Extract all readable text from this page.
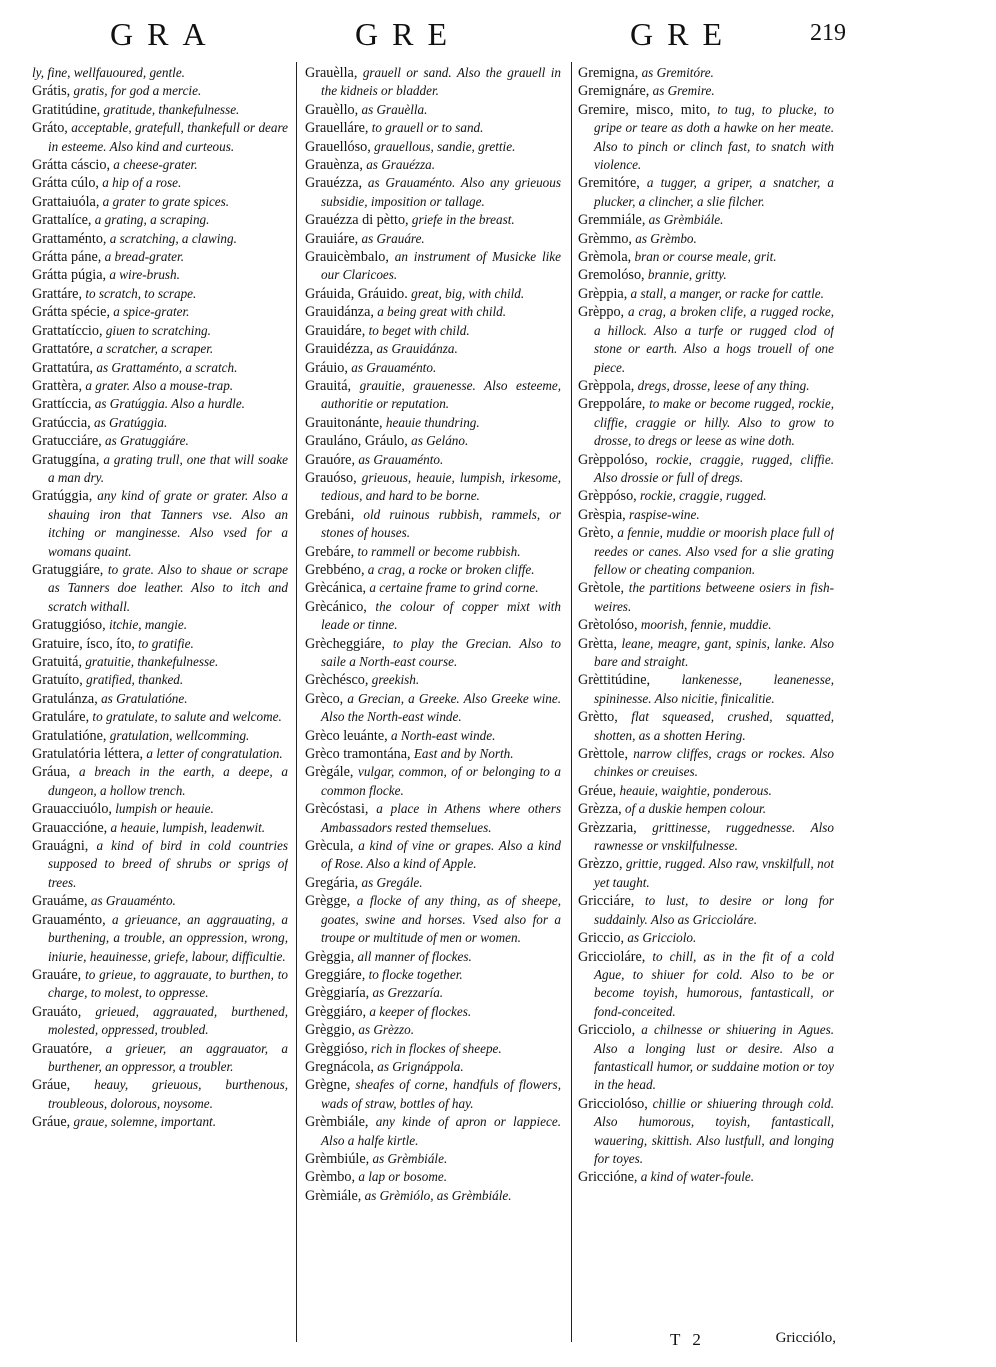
GRA	GRE	GRE	219

ly, fine, wellfauoured, gentle.

Grátis, gratis, for god a mercie.

Gratitúdine, gratitude, thankefulnesse.

Gráto, acceptable, gratefull, thankefull or deare in esteeme. Also kind and curteous.

Grátta cáscio, a cheese-grater.

Grátta cúlo, a hip of a rose.

Grattaiuóla, a grater to grate spices.

Grattalíce, a grating, a scraping.

Grattaménto, a scratching, a clawing.

Grátta páne, a bread-grater.

Grátta púgia, a wire-brush.

Grattáre, to scratch, to scrape.

Grátta spécie, a spice-grater.

Grattatíccio, giuen to scratching.

Grattatóre, a scratcher, a scraper.

Grattatúra, as Grattaménto, a scratch.

Grattèra, a grater. Also a mouse-trap.

Grattíccia, as Gratúggia. Also a hurdle.

Gratúccia, as Gratúggia.

Gratucciáre, as Gratuggiáre.

Gratuggína, a grating trull, one that will soake a man dry.

Gratúggia, any kind of grate or grater. Also a shauing iron that Tanners vse. Also an itching or manginesse. Also vsed for a womans quaint.

Gratuggiáre, to grate. Also to shaue or scrape as Tanners doe leather. Also to itch and scratch withall.

Gratuggióso, itchie, mangie.

Gratuire, ísco, íto, to gratifie.

Gratuitá, gratuitie, thankefulnesse.

Gratuíto, gratified, thanked.

Gratulánza, as Gratulatióne.

Gratuláre, to gratulate, to salute and welcome.

Gratulatióne, gratulation, wellcomming.

Gratulatória léttera, a letter of congratulation.

Gráua, a breach in the earth, a deepe, a dungeon, a hollow trench.

Grauacciuólo, lumpish or heauie.

Grauaccióne, a heauie, lumpish, leadenwit.

Grauágni, a kind of bird in cold countries supposed to breed of shrubs or sprigs of trees.

Grauáme, as Grauaménto.

Grauaménto, a grieuance, an aggrauating, a burthening, a trouble, an oppression, wrong, iniurie, heauinesse, griefe, labour, difficultie.

Grauáre, to grieue, to aggrauate, to burthen, to charge, to molest, to oppresse.

Grauáto, grieued, aggrauated, burthened, molested, oppressed, troubled.

Grauatóre, a grieuer, an aggrauator, a burthener, an oppressor, a troubler.

Gráue, heauy, grieuous, burthenous, troubleous, dolorous, noysome.

Gráue, graue, solemne, important.

Grauèlla, grauell or sand. Also the grauell in the kidneis or bladder.

Grauèllo, as Grauèlla.

Grauelláre, to grauell or to sand.

Grauellóso, grauellous, sandie, grettie.

Grauènza, as Grauézza.

Grauézza, as Grauaménto. Also any grieuous subsidie, imposition or tallage.

Grauézza di pètto, griefe in the breast.

Grauiáre, as Grauáre.

Grauicèmbalo, an instrument of Musicke like our Claricoes.

Gráuida, Gráuido. great, big, with child.

Grauidánza, a being great with child.

Grauidáre, to beget with child.

Grauidézza, as Grauidánza.

Gráuio, as Grauaménto.

Grauitá, grauitie, grauenesse. Also esteeme, authoritie or reputation.

Grauitonánte, heauie thundring.

Grauláno, Gráulo, as Geláno.

Grauóre, as Grauaménto.

Grauóso, grieuous, heauie, lumpish, irkesome, tedious, and hard to be borne.

Grebáni, old ruinous rubbish, rammels, or stones of houses.

Grebáre, to rammell or become rubbish.

Grebbéno, a crag, a rocke or broken cliffe.

Grècánica, a certaine frame to grind corne.

Grècánico, the colour of copper mixt with leade or tinne.

Grècheggiáre, to play the Grecian. Also to saile a North-east course.

Grèchésco, greekish.

Grèco, a Grecian, a Greeke. Also Greeke wine. Also the North-east winde.

Grèco leuánte, a North-east winde.

Grèco tramontána, East and by North.

Grègále, vulgar, common, of or belonging to a common flocke.

Grècóstasi, a place in Athens where others Ambassadors rested themselues.

Grècula, a kind of vine or grapes. Also a kind of Rose. Also a kind of Apple.

Gregária, as Gregále.

Grègge, a flocke of any thing, as of sheepe, goates, swine and horses. Vsed also for a troupe or multitude of men or women.

Grèggia, all manner of flockes.

Greggiáre, to flocke together.

Grèggiaría, as Grezzaría.

Grèggiáro, a keeper of flockes.

Grèggio, as Grèzzo.

Grèggióso, rich in flockes of sheepe.

Gregnácola, as Grignáppola.

Grègne, sheafes of corne, handfuls of flowers, wads of straw, bottles of hay.

Grèmbiále, any kinde of apron or lappiece. Also a halfe kirtle.

Grèmbiúle, as Grèmbiále.

Grèmbo, a lap or bosome.

Grèmiále, as Grèmiólo, as Grèmbiále.

Gremigna, as Gremitóre.

Gremignáre, as Gremire.

Gremire, misco, mito, to tug, to plucke, to gripe or teare as doth a hawke on her meate. Also to pinch or clinch fast, to snatch with violence.

Gremitóre, a tugger, a griper, a snatcher, a plucker, a clincher, a slie filcher.

Gremmiále, as Grèmbiále.

Grèmmo, as Grèmbo.

Grèmola, bran or course meale, grit.

Gremolóso, brannie, gritty.

Grèppia, a stall, a manger, or racke for cattle.

Grèppo, a crag, a broken clife, a rugged rocke, a hillock. Also a turfe or rugged clod of stone or earth. Also a hogs trouell of one piece.

Grèppola, dregs, drosse, leese of any thing.

Greppoláre, to make or become rugged, rockie, cliffie, craggie or hilly. Also to grow to drosse, to dregs or leese as wine doth.

Grèppolóso, rockie, craggie, rugged, cliffie. Also drossie or full of dregs.

Grèppóso, rockie, craggie, rugged.

Grèspia, raspise-wine.

Grèto, a fennie, muddie or moorish place full of reedes or canes. Also vsed for a slie grating fellow or cheating companion.

Grètole, the partitions betweene osiers in fish-weires.

Grètolóso, moorish, fennie, muddie.

Grètta, leane, meagre, gant, spinis, lanke. Also bare and straight.

Grèttitúdine, lankenesse, leanenesse, spininesse. Also nicitie, finicalitie.

Grètto, flat squeased, crushed, squatted, shotten, as a shotten Hering.

Grèttole, narrow cliffes, crags or rockes. Also chinkes or creuises.

Gréue, heauie, waightie, ponderous.

Grèzza, of a duskie hempen colour.

Grèzzaria, grittinesse, ruggednesse. Also rawnesse or vnskilfulnesse.

Grèzzo, grittie, rugged. Also raw, vnskilfull, not yet taught.

Gricciáre, to lust, to desire or long for suddainly. Also as Griccioláre.

Griccio, as Gricciolo.

Griccioláre, to chill, as in the fit of a cold Ague, to shiuer for cold. Also to be or become toyish, humorous, fantasticall, or fond-conceited.

Gricciolo, a chilnesse or shiuering in Agues. Also a longing lust or desire. Also a fantasticall humor, or suddaine motion or toy in the head.

Gricciolóso, chillie or shiuering through cold. Also humorous, toyish, fantasticall, wauering, skittish. Also lustfull, and longing for toyes.

Griccióne, a kind of water-foule.

T 2	Gricciólo,
